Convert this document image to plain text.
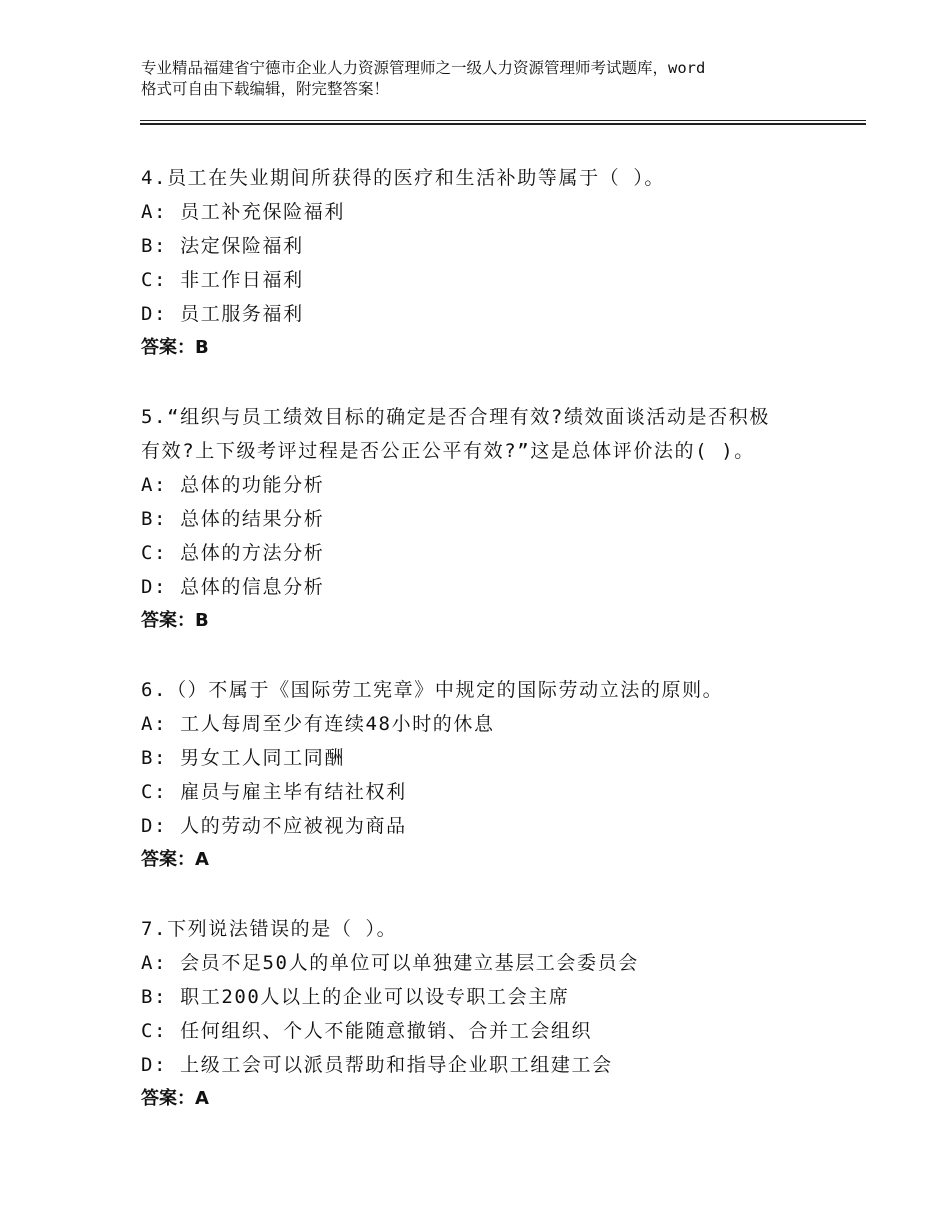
专业精品福建省宁德市企业人力资源管理师之一级人力资源管理师考试题库，word
格式可自由下载编辑，附完整答案！
4.员工在失业期间所获得的医疗和生活补助等属于（ ）。
A: 员工补充保险福利
B: 法定保险福利
C: 非工作日福利
D: 员工服务福利
答案：B
5.“组织与员工绩效目标的确定是否合理有效?绩效面谈活动是否积极
有效?上下级考评过程是否公正公平有效?”这是总体评价法的( )。
A: 总体的功能分析
B: 总体的结果分析
C: 总体的方法分析
D: 总体的信息分析
答案：B
6.（）不属于《国际劳工宪章》中规定的国际劳动立法的原则。
A: 工人每周至少有连续48小时的休息
B: 男女工人同工同酬
C: 雇员与雇主毕有结社权利
D: 人的劳动不应被视为商品
答案：A
7.下列说法错误的是（ ）。
A: 会员不足50人的单位可以单独建立基层工会委员会
B: 职工200人以上的企业可以设专职工会主席
C: 任何组织、个人不能随意撤销、合并工会组织
D: 上级工会可以派员帮助和指导企业职工组建工会
答案：A
